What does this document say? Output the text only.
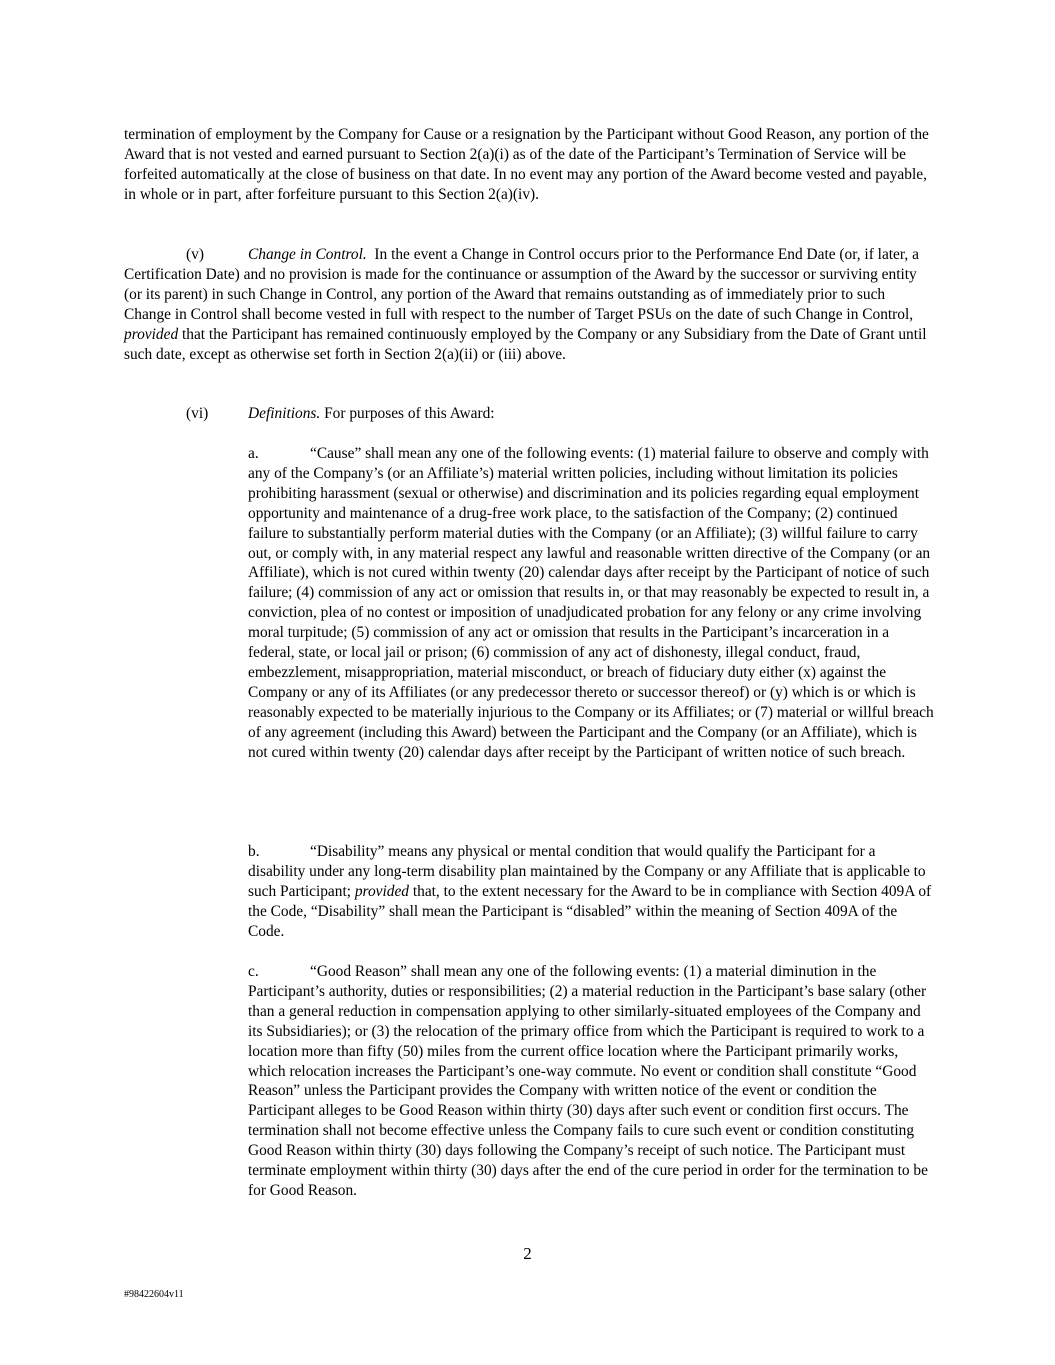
termination of employment by the Company for Cause or a resignation by the Participant without Good Reason, any portion of the Award that is not vested and earned pursuant to Section 2(a)(i) as of the date of the Participant’s Termination of Service will be forfeited automatically at the close of business on that date. In no event may any portion of the Award become vested and payable, in whole or in part, after forfeiture pursuant to this Section 2(a)(iv).

(v)	Change in Control.  In the event a Change in Control occurs prior to the Performance End Date (or, if later, a Certification Date) and no provision is made for the continuance or assumption of the Award by the successor or surviving entity (or its parent) in such Change in Control, any portion of the Award that remains outstanding as of immediately prior to such Change in Control shall become vested in full with respect to the number of Target PSUs on the date of such Change in Control, provided that the Participant has remained continuously employed by the Company or any Subsidiary from the Date of Grant until such date, except as otherwise set forth in Section 2(a)(ii) or (iii) above.

(vi)	Definitions. For purposes of this Award:

a.	“Cause” shall mean any one of the following events: (1) material failure to observe and comply with any of the Company’s (or an Affiliate’s) material written policies, including without limitation its policies prohibiting harassment (sexual or otherwise) and discrimination and its policies regarding equal employment opportunity and maintenance of a drug-free work place, to the satisfaction of the Company; (2) continued failure to substantially perform material duties with the Company (or an Affiliate); (3) willful failure to carry out, or comply with, in any material respect any lawful and reasonable written directive of the Company (or an Affiliate), which is not cured within twenty (20) calendar days after receipt by the Participant of notice of such failure; (4) commission of any act or omission that results in, or that may reasonably be expected to result in, a conviction, plea of no contest or imposition of unadjudicated probation for any felony or any crime involving moral turpitude; (5) commission of any act or omission that results in the Participant’s incarceration in a federal, state, or local jail or prison; (6) commission of any act of dishonesty, illegal conduct, fraud, embezzlement, misappropriation, material misconduct, or breach of fiduciary duty either (x) against the Company or any of its Affiliates (or any predecessor thereto or successor thereof) or (y) which is or which is reasonably expected to be materially injurious to the Company or its Affiliates; or (7) material or willful breach of any agreement (including this Award) between the Participant and the Company (or an Affiliate), which is not cured within twenty (20) calendar days after receipt by the Participant of written notice of such breach.

b.	“Disability” means any physical or mental condition that would qualify the Participant for a disability under any long-term disability plan maintained by the Company or any Affiliate that is applicable to such Participant; provided that, to the extent necessary for the Award to be in compliance with Section 409A of the Code, “Disability” shall mean the Participant is “disabled” within the meaning of Section 409A of the Code.

c.	“Good Reason” shall mean any one of the following events: (1) a material diminution in the Participant’s authority, duties or responsibilities; (2) a material reduction in the Participant’s base salary (other than a general reduction in compensation applying to other similarly-situated employees of the Company and its Subsidiaries); or (3) the relocation of the primary office from which the Participant is required to work to a location more than fifty (50) miles from the current office location where the Participant primarily works, which relocation increases the Participant’s one-way commute. No event or condition shall constitute “Good Reason” unless the Participant provides the Company with written notice of the event or condition the Participant alleges to be Good Reason within thirty (30) days after such event or condition first occurs. The termination shall not become effective unless the Company fails to cure such event or condition constituting Good Reason within thirty (30) days following the Company’s receipt of such notice. The Participant must terminate employment within thirty (30) days after the end of the cure period in order for the termination to be for Good Reason.

2
#98422604v11
